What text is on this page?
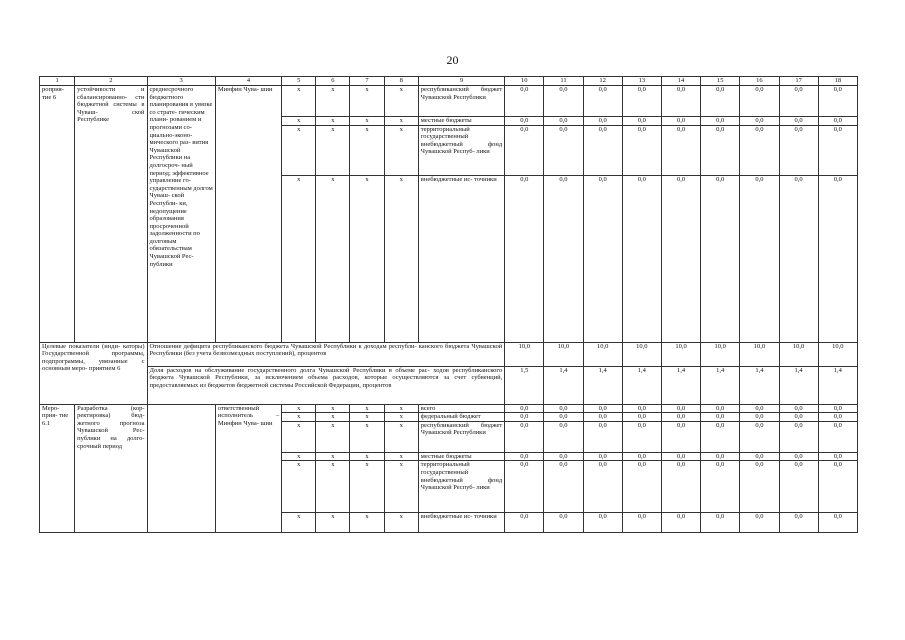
20
1	2	3	4	5	6	7	8	9	10	11	12	13	14	15	16	17	18
роприя- тие 6	устойчивости и сбалансированно- сти бюджетной системы в Чуваш- ской Республике	среднесрочного бюджетного планирования в увязке со страте- гическим плани- рованием и прогнозами со- циально-эконо- мического раз- вития Чувашской Республики на долгосроч- ный период; эффективное управление го- сударственным долгом Чуваш- ской Республи- ки, недопущение образования просроченной задолженности по долговым обязательствам Чувашской Рес- публики	Минфин Чува- шии	x	x	x	x	республиканский бюджет Чувашской Республики	0,0	0,0	0,0	0,0	0,0	0,0	0,0	0,0	0,0
				x	x	x	x	местные бюджеты	0,0	0,0	0,0	0,0	0,0	0,0	0,0	0,0	0,0
				x	x	x	x	территориальный государственный внебюджетный фонд Чувашской Респуб- лики	0,0	0,0	0,0	0,0	0,0	0,0	0,0	0,0	0,0
				x	x	x	x	внебюджетные ис- точники	0,0	0,0	0,0	0,0	0,0	0,0	0,0	0,0	0,0
Целевые показатели (инди- каторы) Государственной программы, подпрограммы, увязанные с основным меро- приятием 6		Отношение дефицита республиканского бюджета Чувашской Республики к доходам республи- канского бюджета Чувашской Республики (без учета безвозмездных поступлений), процентов							10,0	10,0	10,0	10,0	10,0	10,0	10,0	10,0	10,0
		Доля расходов на обслуживание государственного долга Чувашской Республики в объеме рас- ходов республиканского бюджета Чувашской Республики, за исключением объема расходов, которые осуществляются за счет субвенций, предоставляемых из бюджетов бюджетной системы Российской Федерации, процентов							1,5	1,4	1,4	1,4	1,4	1,4	1,4	1,4	1,4
Меро- прия- тие 6.1	Разработка (кор- ректировка) бюд- жетного прогноза Чувашской Рес- публики на долго- срочный период		ответственный исполнитель – Минфин Чува- шии	x	x	x	x	всего	0,0	0,0	0,0	0,0	0,0	0,0	0,0	0,0	0,0
				x	x	x	x	федеральный бюджет	0,0	0,0	0,0	0,0	0,0	0,0	0,0	0,0	0,0
				x	x	x	x	республиканский бюджет Чувашской Республики	0,0	0,0	0,0	0,0	0,0	0,0	0,0	0,0	0,0
				x	x	x	x	местные бюджеты	0,0	0,0	0,0	0,0	0,0	0,0	0,0	0,0	0,0
				x	x	x	x	территориальный государственный внебюджетный фонд Чувашской Респуб- лики	0,0	0,0	0,0	0,0	0,0	0,0	0,0	0,0	0,0
				x	x	x	x	внебюджетные ис- точники	0,0	0,0	0,0	0,0	0,0	0,0	0,0	0,0	0,0
